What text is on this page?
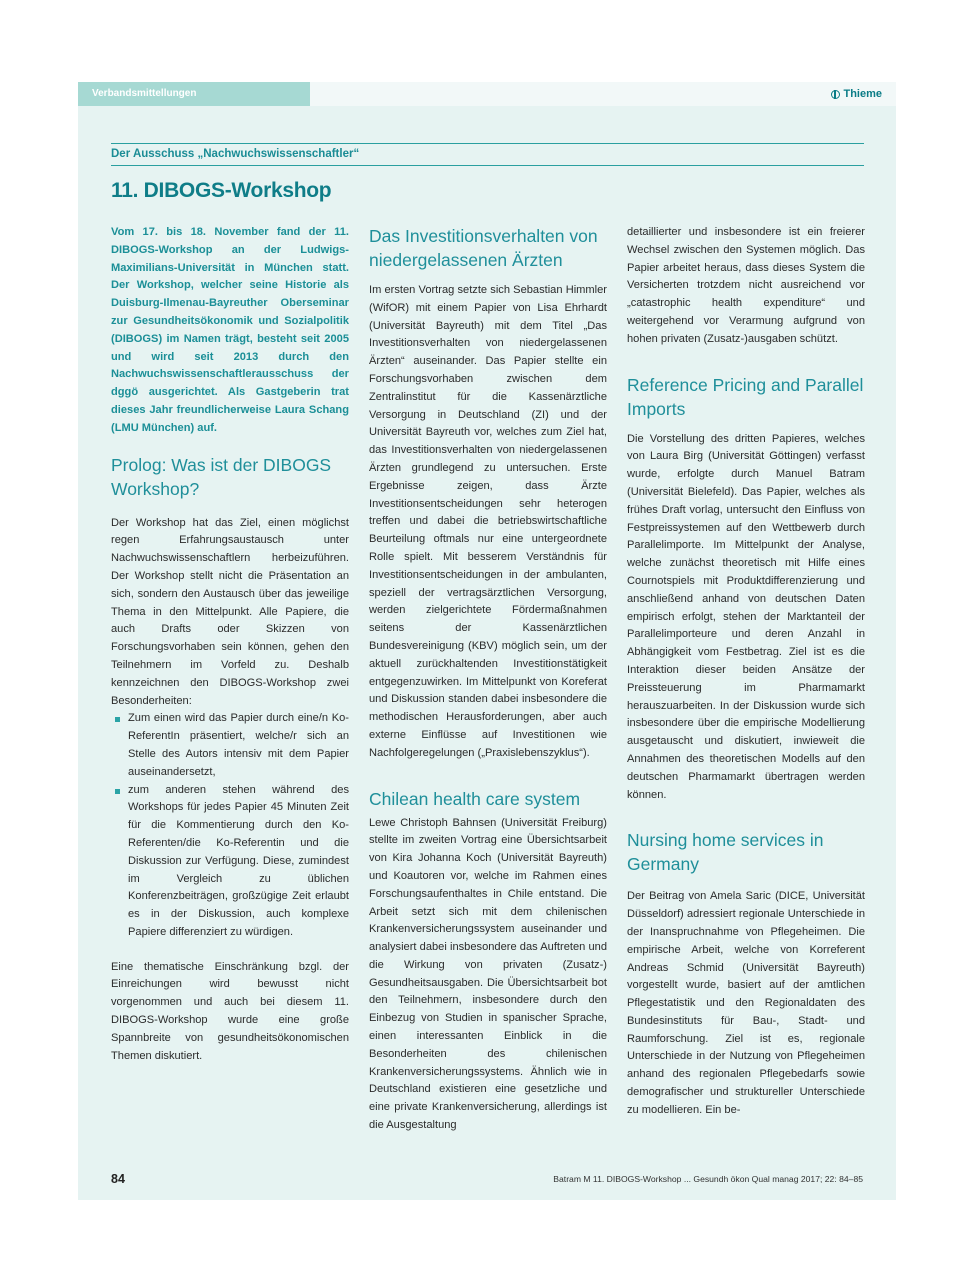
Verbandsmittellungen	Thieme
Der Ausschuss „Nachwuchswissenschaftler“
11. DIBOGS-Workshop

Vom 17. bis 18. November fand der 11. DIBOGS-Workshop an der Ludwigs-Maximilians-Universität in München statt. Der Workshop, welcher seine Historie als Duisburg-Ilmenau-Bayreuther Oberseminar zur Gesundheitsökonomik und Sozialpolitik (DIBOGS) im Namen trägt, besteht seit 2005 und wird seit 2013 durch den Nachwuchswissenschaftlerausschuss der dggö ausgerichtet. Als Gastgeberin trat dieses Jahr freundlicherweise Laura Schang (LMU München) auf.

Prolog: Was ist der DIBOGS Workshop?

Der Workshop hat das Ziel, einen möglichst regen Erfahrungsaustausch unter Nachwuchswissenschaftlern herbeizuführen. Der Workshop stellt nicht die Präsentation an sich, sondern den Austausch über das jeweilige Thema in den Mittelpunkt. Alle Papiere, die auch Drafts oder Skizzen von Forschungsvorhaben sein können, gehen den Teilnehmern im Vorfeld zu. Deshalb kennzeichnen den DIBOGS-Workshop zwei Besonderheiten:

Zum einen wird das Papier durch eine/n Ko-ReferentIn präsentiert, welche/r sich an Stelle des Autors intensiv mit dem Papier auseinandersetzt,
zum anderen stehen während des Workshops für jedes Papier 45 Minuten Zeit für die Kommentierung durch den Ko-Referenten/die Ko-Referentin und die Diskussion zur Verfügung. Diese, zumindest im Vergleich zu üblichen Konferenzbeiträgen, großzügige Zeit erlaubt es in der Diskussion, auch komplexe Papiere differenziert zu würdigen.

Eine thematische Einschränkung bzgl. der Einreichungen wird bewusst nicht vorgenommen und auch bei diesem 11. DIBOGS-Workshop wurde eine große Spannbreite von gesundheitsökonomischen Themen diskutiert.

Das Investitionsverhalten von niedergelassenen Ärzten

Im ersten Vortrag setzte sich Sebastian Himmler (WifOR) mit einem Papier von Lisa Ehrhardt (Universität Bayreuth) mit dem Titel „Das Investitionsverhalten von niedergelassenen Ärzten“ auseinander. Das Papier stellte ein Forschungsvorhaben zwischen dem Zentralinstitut für die Kassenärztliche Versorgung in Deutschland (ZI) und der Universität Bayreuth vor, welches zum Ziel hat, das Investitionsverhalten von niedergelassenen Ärzten grundlegend zu untersuchen. Erste Ergebnisse zeigen, dass Ärzte Investitionsentscheidungen sehr heterogen treffen und dabei die betriebswirtschaftliche Beurteilung oftmals nur eine untergeordnete Rolle spielt. Mit besserem Verständnis für Investitionsentscheidungen in der ambulanten, speziell der vertragsärztlichen Versorgung, werden zielgerichtete Fördermaßnahmen seitens der Kassenärztlichen Bundesvereinigung (KBV) möglich sein, um der aktuell zurückhaltenden Investitionstätigkeit entgegenzuwirken. Im Mittelpunkt von Koreferat und Diskussion standen dabei insbesondere die methodischen Herausforderungen, aber auch externe Einflüsse auf Investitionen wie Nachfolgeregelungen („Praxislebenszyklus“).

Chilean health care system

Lewe Christoph Bahnsen (Universität Freiburg) stellte im zweiten Vortrag eine Übersichtsarbeit von Kira Johanna Koch (Universität Bayreuth) und Koautoren vor, welche im Rahmen eines Forschungsaufenthaltes in Chile entstand. Die Arbeit setzt sich mit dem chilenischen Krankenversicherungssystem auseinander und analysiert dabei insbesondere das Auftreten und die Wirkung von privaten (Zusatz-) Gesundheitsausgaben. Die Übersichtsarbeit bot den Teilnehmern, insbesondere durch den Einbezug von Studien in spanischer Sprache, einen interessanten Einblick in die Besonderheiten des chilenischen Krankenversicherungssystems. Ähnlich wie in Deutschland existieren eine gesetzliche und eine private Krankenversicherung, allerdings ist die Ausgestaltung

detaillierter und insbesondere ist ein freierer Wechsel zwischen den Systemen möglich. Das Papier arbeitet heraus, dass dieses System die Versicherten trotzdem nicht ausreichend vor „catastrophic health expenditure“ und weitergehend vor Verarmung aufgrund von hohen privaten (Zusatz-)ausgaben schützt.

Reference Pricing and Parallel Imports

Die Vorstellung des dritten Papieres, welches von Laura Birg (Universität Göttingen) verfasst wurde, erfolgte durch Manuel Batram (Universität Bielefeld). Das Papier, welches als frühes Draft vorlag, untersucht den Einfluss von Festpreissystemen auf den Wettbewerb durch Parallelimporte. Im Mittelpunkt der Analyse, welche zunächst theoretisch mit Hilfe eines Cournotspiels mit Produktdifferenzierung und anschließend anhand von deutschen Daten empirisch erfolgt, stehen der Marktanteil der Parallelimporteure und deren Anzahl in Abhängigkeit vom Festbetrag. Ziel ist es die Interaktion dieser beiden Ansätze der Preissteuerung im Pharmamarkt herauszuarbeiten. In der Diskussion wurde sich insbesondere über die empirische Modellierung ausgetauscht und diskutiert, inwieweit die Annahmen des theoretischen Modells auf den deutschen Pharmamarkt übertragen werden können.

Nursing home services in Germany

Der Beitrag von Amela Saric (DICE, Universität Düsseldorf) adressiert regionale Unterschiede in der Inanspruchnahme von Pflegeheimen. Die empirische Arbeit, welche von Korreferent Andreas Schmid (Universität Bayreuth) vorgestellt wurde, basiert auf der amtlichen Pflegestatistik und den Regionaldaten des Bundesinstituts für Bau-, Stadt- und Raumforschung. Ziel ist es, regionale Unterschiede in der Nutzung von Pflegeheimen anhand des regionalen Pflegebedarfs sowie demografischer und struktureller Unterschiede zu modellieren. Ein be-

84	Batram M 11. DIBOGS-Workshop ... Gesundh ökon Qual manag 2017; 22: 84–85
